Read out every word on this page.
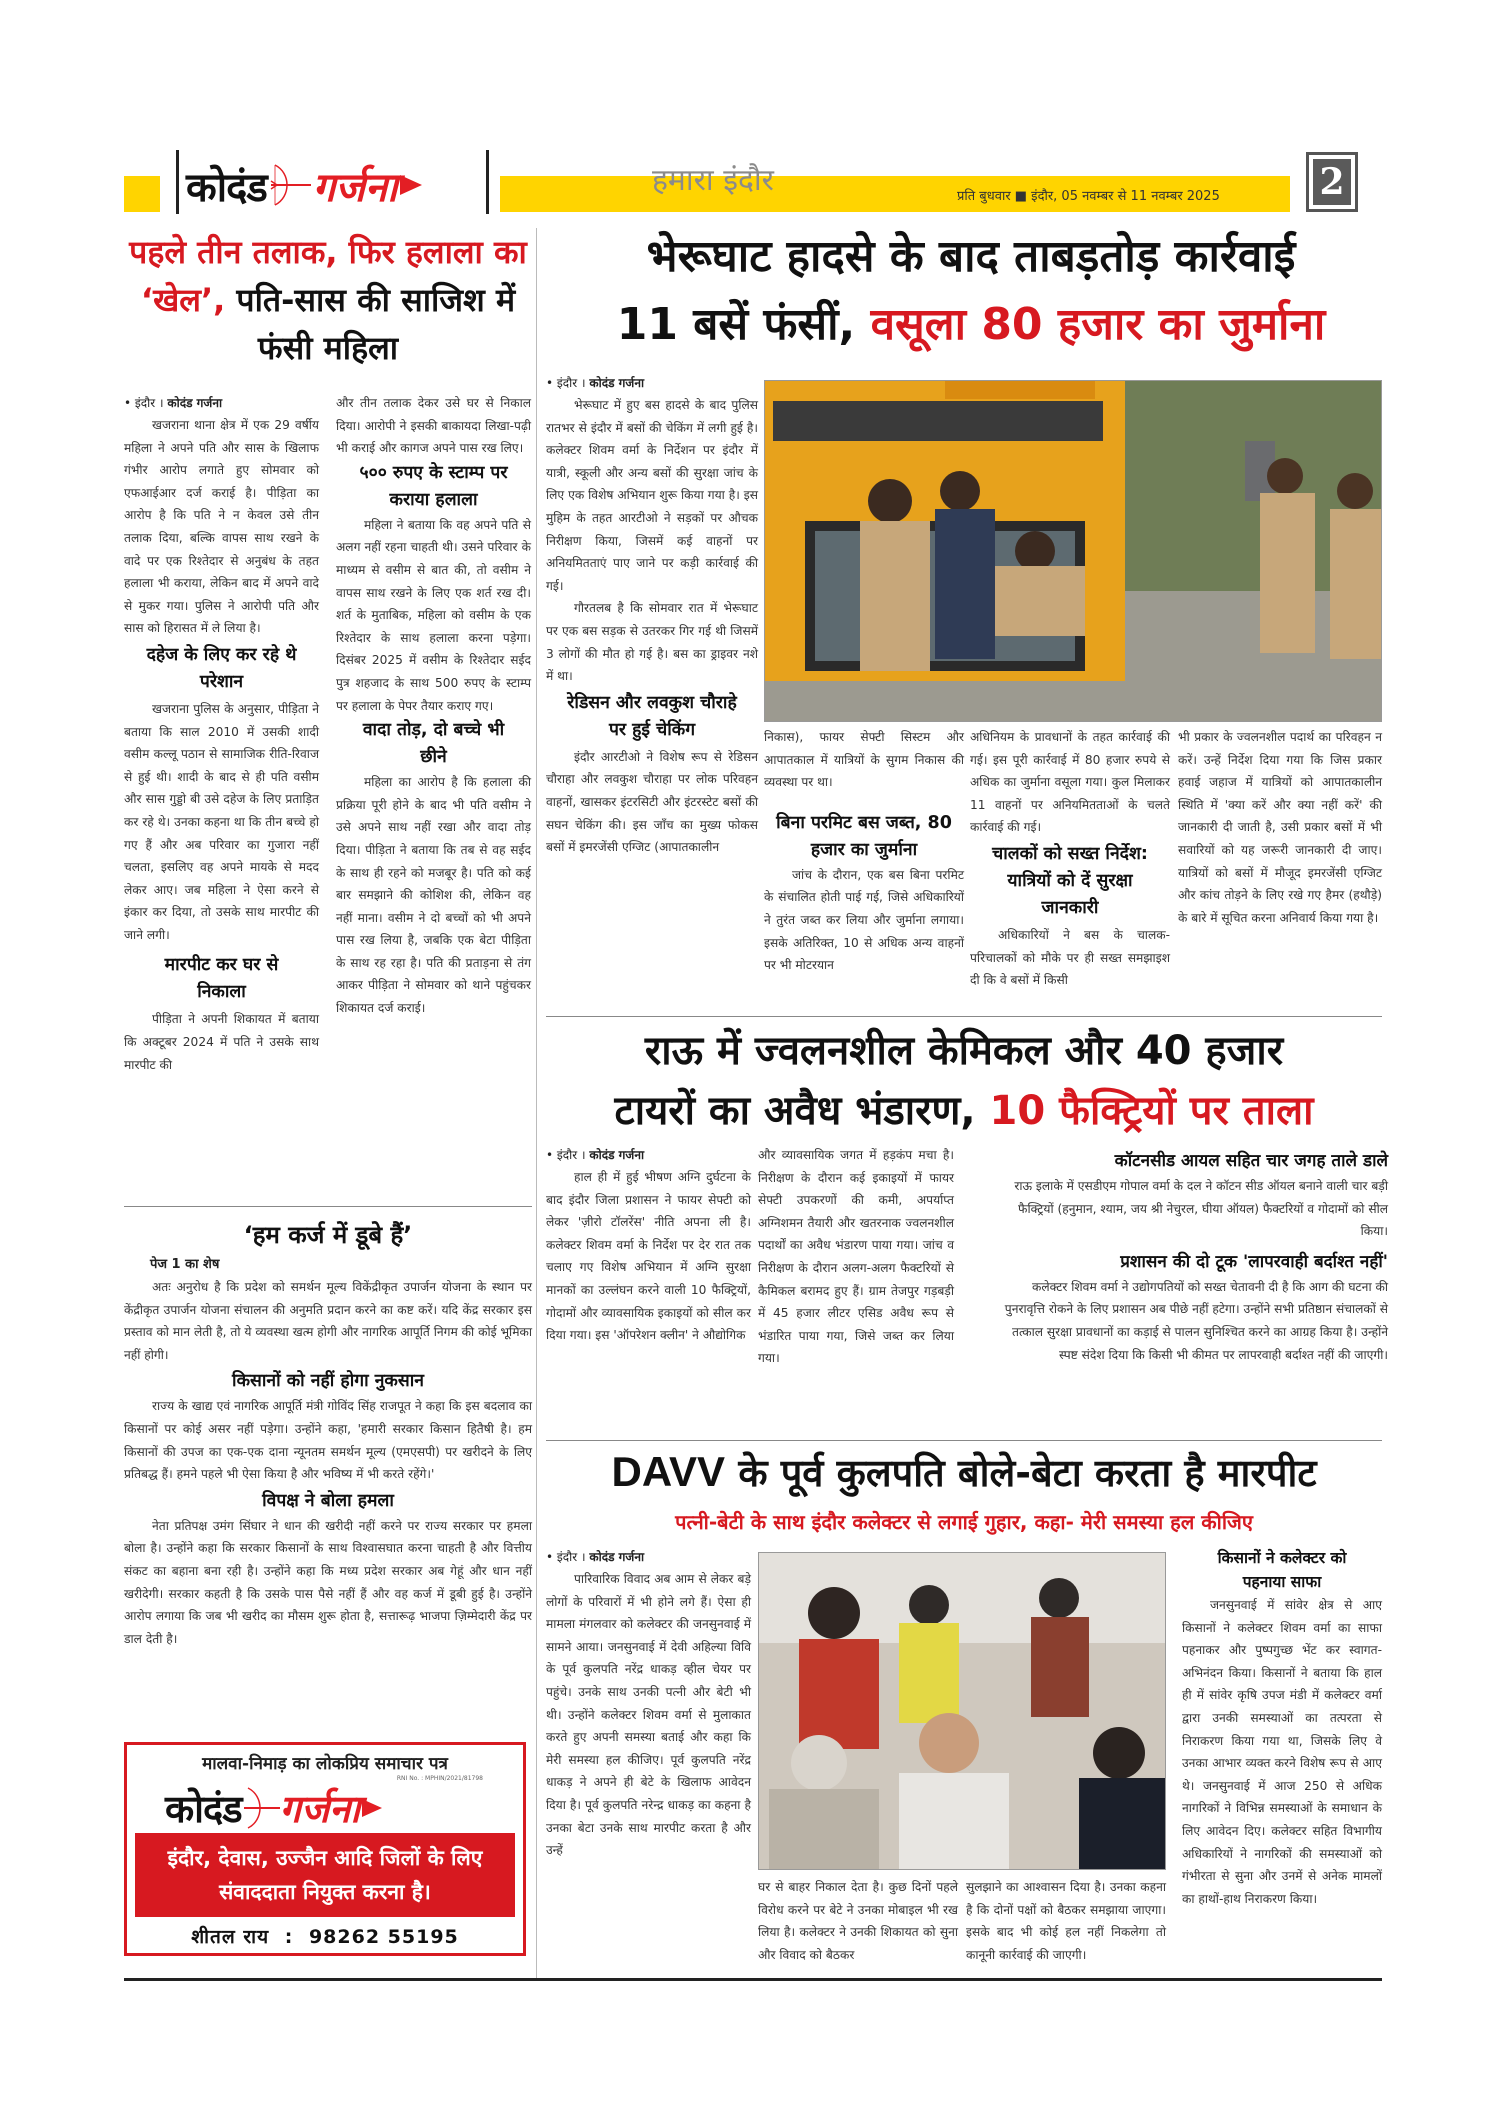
कोदंड गर्जना	हमारा इंदौर	प्रति बुधवार ■ इंदौर, 05 नवम्बर से 11 नवम्बर 2025	2
पहले तीन तलाक, फिर हलाला का ‘खेल’, पति-सास की साजिश में फंसी महिला
• इंदौर । कोदंड गर्जना

खजराना थाना क्षेत्र में एक 29 वर्षीय महिला ने अपने पति और सास के खिलाफ गंभीर आरोप लगाते हुए सोमवार को एफआईआर दर्ज कराई है। पीड़िता का आरोप है कि पति ने न केवल उसे तीन तलाक दिया, बल्कि वापस साथ रखने के वादे पर एक रिश्तेदार से अनुबंध के तहत हलाला भी कराया, लेकिन बाद में अपने वादे से मुकर गया। पुलिस ने आरोपी पति और सास को हिरासत में ले लिया है।

दहेज के लिए कर रहे थे परेशान

खजराना पुलिस के अनुसार, पीड़िता ने बताया कि साल 2010 में उसकी शादी वसीम कल्लू पठान से सामाजिक रीति-रिवाज से हुई थी। शादी के बाद से ही पति वसीम और सास गुड्डो बी उसे दहेज के लिए प्रताड़ित कर रहे थे। उनका कहना था कि तीन बच्चे हो गए हैं और अब परिवार का गुजारा नहीं चलता, इसलिए वह अपने मायके से मदद लेकर आए। जब महिला ने ऐसा करने से इंकार कर दिया, तो उसके साथ मारपीट की जाने लगी।

मारपीट कर घर से निकाला

पीड़िता ने अपनी शिकायत में बताया कि अक्टूबर 2024 में पति ने उसके साथ मारपीट की

और तीन तलाक देकर उसे घर से निकाल दिया। आरोपी ने इसकी बाकायदा लिखा-पढ़ी भी कराई और कागज अपने पास रख लिए।

५०० रुपए के स्टाम्प पर कराया हलाला

महिला ने बताया कि वह अपने पति से अलग नहीं रहना चाहती थी। उसने परिवार के माध्यम से वसीम से बात की, तो वसीम ने वापस साथ रखने के लिए एक शर्त रख दी। शर्त के मुताबिक, महिला को वसीम के एक रिश्तेदार के साथ हलाला करना पड़ेगा। दिसंबर 2025 में वसीम के रिश्तेदार सईद पुत्र शहजाद के साथ 500 रुपए के स्टाम्प पर हलाला के पेपर तैयार कराए गए।

वादा तोड़, दो बच्चे भी छीने

महिला का आरोप है कि हलाला की प्रक्रिया पूरी होने के बाद भी पति वसीम ने उसे अपने साथ नहीं रखा और वादा तोड़ दिया। पीड़िता ने बताया कि तब से वह सईद के साथ ही रहने को मजबूर है। पति को कई बार समझाने की कोशिश की, लेकिन वह नहीं माना। वसीम ने दो बच्चों को भी अपने पास रख लिया है, जबकि एक बेटा पीड़िता के साथ रह रहा है। पति की प्रताड़ना से तंग आकर पीड़िता ने सोमवार को थाने पहुंचकर शिकायत दर्ज कराई।

भेरूघाट हादसे के बाद ताबड़तोड़ कार्रवाई
11 बसें फंसीं, वसूला 80 हजार का जुर्माना
• इंदौर । कोदंड गर्जना

भेरूघाट में हुए बस हादसे के बाद पुलिस रातभर से इंदौर में बसों की चेकिंग में लगी हुई है। कलेक्टर शिवम वर्मा के निर्देशन पर इंदौर में यात्री, स्कूली और अन्य बसों की सुरक्षा जांच के लिए एक विशेष अभियान शुरू किया गया है। इस मुहिम के तहत आरटीओ ने सड़कों पर औचक निरीक्षण किया, जिसमें कई वाहनों पर अनियमितताएं पाए जाने पर कड़ी कार्रवाई की गई।

गौरतलब है कि सोमवार रात में भेरूघाट पर एक बस सड़क से उतरकर गिर गई थी जिसमें 3 लोगों की मौत हो गई है। बस का ड्राइवर नशे में था।

रेडिसन और लवकुश चौराहे पर हुई चेकिंग

इंदौर आरटीओ ने विशेष रूप से रेडिसन चौराहा और लवकुश चौराहा पर लोक परिवहन वाहनों, खासकर इंटरसिटी और इंटरस्टेट बसों की सघन चेकिंग की। इस जाँच का मुख्य फोकस बसों में इमरजेंसी एग्जिट (आपातकालीन

निकास), फायर सेफ्टी सिस्टम और आपातकाल में यात्रियों के सुगम निकास की व्यवस्था पर था।

बिना परमिट बस जब्त, 80 हजार का जुर्माना

जांच के दौरान, एक बस बिना परमिट के संचालित होती पाई गई, जिसे अधिकारियों ने तुरंत जब्त कर लिया और जुर्माना लगाया। इसके अतिरिक्त, 10 से अधिक अन्य वाहनों पर भी मोटरयान

अधिनियम के प्रावधानों के तहत कार्रवाई की गई। इस पूरी कार्रवाई में 80 हजार रुपये से अधिक का जुर्माना वसूला गया। कुल मिलाकर 11 वाहनों पर अनियमितताओं के चलते कार्रवाई की गई।

चालकों को सख्त निर्देश: यात्रियों को दें सुरक्षा जानकारी

अधिकारियों ने बस के चालक-परिचालकों को मौके पर ही सख्त समझाइश दी कि वे बसों में किसी

भी प्रकार के ज्वलनशील पदार्थ का परिवहन न करें। उन्हें निर्देश दिया गया कि जिस प्रकार हवाई जहाज में यात्रियों को आपातकालीन स्थिति में 'क्या करें और क्या नहीं करें' की जानकारी दी जाती है, उसी प्रकार बसों में भी सवारियों को यह जरूरी जानकारी दी जाए। यात्रियों को बसों में मौजूद इमरजेंसी एग्जिट और कांच तोड़ने के लिए रखे गए हैमर (हथौड़े) के बारे में सूचित करना अनिवार्य किया गया है।

राऊ में ज्वलनशील केमिकल और 40 हजार
टायरों का अवैध भंडारण, 10 फैक्ट्रियों पर ताला
• इंदौर । कोदंड गर्जना

हाल ही में हुई भीषण अग्नि दुर्घटना के बाद इंदौर जिला प्रशासन ने फायर सेफ्टी को लेकर 'ज़ीरो टॉलरेंस' नीति अपना ली है। कलेक्टर शिवम वर्मा के निर्देश पर देर रात तक चलाए गए विशेष अभियान में अग्नि सुरक्षा मानकों का उल्लंघन करने वाली 10 फैक्ट्रियों, गोदामों और व्यावसायिक इकाइयों को सील कर दिया गया। इस 'ऑपरेशन क्लीन' ने औद्योगिक

और व्यावसायिक जगत में हड़कंप मचा है। निरीक्षण के दौरान कई इकाइयों में फायर सेफ्टी उपकरणों की कमी, अपर्याप्त अग्निशमन तैयारी और खतरनाक ज्वलनशील पदार्थों का अवैध भंडारण पाया गया। जांच व निरीक्षण के दौरान अलग-अलग फैक्टरियों से कैमिकल बरामद हुए हैं। ग्राम तेजपुर गड़बड़ी में 45 हजार लीटर एसिड अवैध रूप से भंडारित पाया गया, जिसे जब्त कर लिया गया।

कॉटनसीड आयल सहित चार जगह ताले डाले

राऊ इलाके में एसडीएम गोपाल वर्मा के दल ने कॉटन सीड ऑयल बनाने वाली चार बड़ी फैक्ट्रियों (हनुमान, श्याम, जय श्री नेचुरल, घीया ऑयल) फैक्टरियों व गोदामों को सील किया।

प्रशासन की दो टूक 'लापरवाही बर्दाश्त नहीं'

कलेक्टर शिवम वर्मा ने उद्योगपतियों को सख्त चेतावनी दी है कि आग की घटना की पुनरावृत्ति रोकने के लिए प्रशासन अब पीछे नहीं हटेगा। उन्होंने सभी प्रतिष्ठान संचालकों से तत्काल सुरक्षा प्रावधानों का कड़ाई से पालन सुनिश्चित करने का आग्रह किया है। उन्होंने स्पष्ट संदेश दिया कि किसी भी कीमत पर लापरवाही बर्दाश्त नहीं की जाएगी।

‘हम कर्ज में डूबे हैं’
पेज 1 का शेष

अतः अनुरोध है कि प्रदेश को समर्थन मूल्य विकेंद्रीकृत उपार्जन योजना के स्थान पर केंद्रीकृत उपार्जन योजना संचालन की अनुमति प्रदान करने का कष्ट करें। यदि केंद्र सरकार इस प्रस्ताव को मान लेती है, तो ये व्यवस्था खत्म होगी और नागरिक आपूर्ति निगम की कोई भूमिका नहीं होगी।

किसानों को नहीं होगा नुकसान

राज्य के खाद्य एवं नागरिक आपूर्ति मंत्री गोविंद सिंह राजपूत ने कहा कि इस बदलाव का किसानों पर कोई असर नहीं पड़ेगा। उन्होंने कहा, 'हमारी सरकार किसान हितैषी है। हम किसानों की उपज का एक-एक दाना न्यूनतम समर्थन मूल्य (एमएसपी) पर खरीदने के लिए प्रतिबद्ध हैं। हमने पहले भी ऐसा किया है और भविष्य में भी करते रहेंगे।'

विपक्ष ने बोला हमला

नेता प्रतिपक्ष उमंग सिंघार ने धान की खरीदी नहीं करने पर राज्य सरकार पर हमला बोला है। उन्होंने कहा कि सरकार किसानों के साथ विश्वासघात करना चाहती है और वित्तीय संकट का बहाना बना रही है। उन्होंने कहा कि मध्य प्रदेश सरकार अब गेहूं और धान नहीं खरीदेगी। सरकार कहती है कि उसके पास पैसे नहीं हैं और वह कर्ज में डूबी हुई है। उन्होंने आरोप लगाया कि जब भी खरीद का मौसम शुरू होता है, सत्तारूढ़ भाजपा ज़िम्मेदारी केंद्र पर डाल देती है।

मालवा-निमाड़ का लोकप्रिय समाचार पत्र
RNI No. : MPHIN/2021/81798
कोदंड गर्जना
इंदौर, देवास, उज्जैन आदि जिलों के लिए संवाददाता नियुक्त करना है।
शीतल राय : 98262 55195
DAVV के पूर्व कुलपति बोले-बेटा करता है मारपीट
पत्नी-बेटी के साथ इंदौर कलेक्टर से लगाई गुहार, कहा- मेरी समस्या हल कीजिए
• इंदौर । कोदंड गर्जना

पारिवारिक विवाद अब आम से लेकर बड़े लोगों के परिवारों में भी होने लगे हैं। ऐसा ही मामला मंगलवार को कलेक्टर की जनसुनवाई में सामने आया। जनसुनवाई में देवी अहिल्या विवि के पूर्व कुलपति नरेंद्र धाकड़ व्हील चेयर पर पहुंचे। उनके साथ उनकी पत्नी और बेटी भी थी। उन्होंने कलेक्टर शिवम वर्मा से मुलाकात करते हुए अपनी समस्या बताई और कहा कि मेरी समस्या हल कीजिए। पूर्व कुलपति नरेंद्र धाकड़ ने अपने ही बेटे के खिलाफ आवेदन दिया है। पूर्व कुलपति नरेन्द्र धाकड़ का कहना है उनका बेटा उनके साथ मारपीट करता है और उन्हें

घर से बाहर निकाल देता है। कुछ दिनों पहले विरोध करने पर बेटे ने उनका मोबाइल भी रख लिया है। कलेक्टर ने उनकी शिकायत को सुना और विवाद को बैठकर

सुलझाने का आश्वासन दिया है। उनका कहना है कि दोनों पक्षों को बैठकर समझाया जाएगा। इसके बाद भी कोई हल नहीं निकलेगा तो कानूनी कार्रवाई की जाएगी।

किसानों ने कलेक्टर को पहनाया साफा

जनसुनवाई में सांवेर क्षेत्र से आए किसानों ने कलेक्टर शिवम वर्मा का साफा पहनाकर और पुष्पगुच्छ भेंट कर स्वागत-अभिनंदन किया। किसानों ने बताया कि हाल ही में सांवेर कृषि उपज मंडी में कलेक्टर वर्मा द्वारा उनकी समस्याओं का तत्परता से निराकरण किया गया था, जिसके लिए वे उनका आभार व्यक्त करने विशेष रूप से आए थे। जनसुनवाई में आज 250 से अधिक नागरिकों ने विभिन्न समस्याओं के समाधान के लिए आवेदन दिए। कलेक्टर सहित विभागीय अधिकारियों ने नागरिकों की समस्याओं को गंभीरता से सुना और उनमें से अनेक मामलों का हाथों-हाथ निराकरण किया।
